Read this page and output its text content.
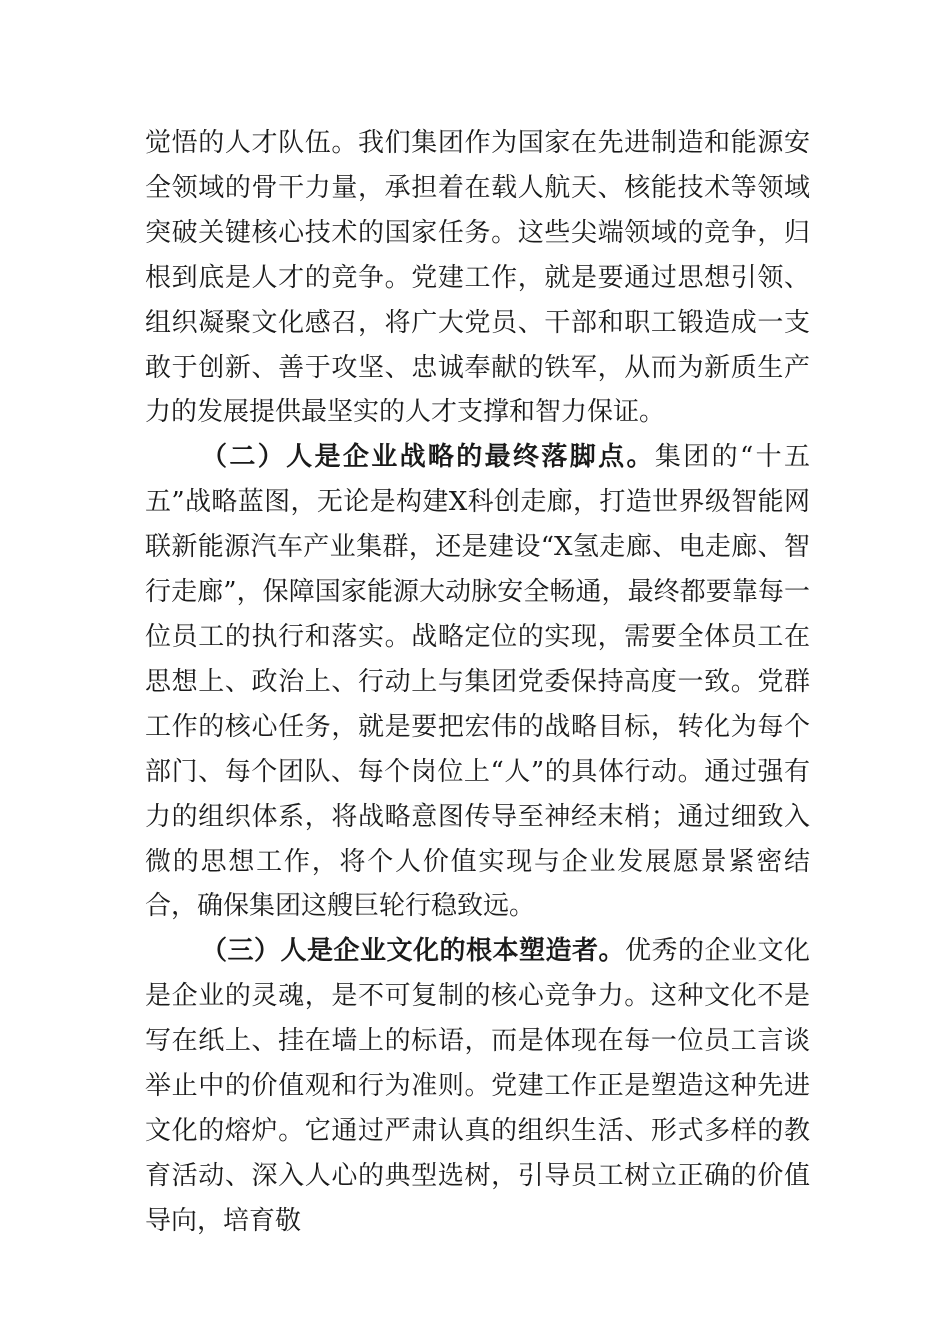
觉悟的人才队伍。我们集团作为国家在先进制造和能源安全领域的骨干力量，承担着在载人航天、核能技术等领域突破关键核心技术的国家任务。这些尖端领域的竞争，归根到底是人才的竞争。党建工作，就是要通过思想引领、组织凝聚文化感召，将广大党员、干部和职工锻造成一支敢于创新、善于攻坚、忠诚奉献的铁军，从而为新质生产力的发展提供最坚实的人才支撑和智力保证。

（二）人是企业战略的最终落脚点。集团的“十五五”战略蓝图，无论是构建X科创走廊，打造世界级智能网联新能源汽车产业集群，还是建设“X氢走廊、电走廊、智行走廊”，保障国家能源大动脉安全畅通，最终都要靠每一位员工的执行和落实。战略定位的实现，需要全体员工在思想上、政治上、行动上与集团党委保持高度一致。党群工作的核心任务，就是要把宏伟的战略目标，转化为每个部门、每个团队、每个岗位上“人”的具体行动。通过强有力的组织体系，将战略意图传导至神经末梢；通过细致入微的思想工作，将个人价值实现与企业发展愿景紧密结合，确保集团这艘巨轮行稳致远。

（三）人是企业文化的根本塑造者。优秀的企业文化是企业的灵魂，是不可复制的核心竞争力。这种文化不是写在纸上、挂在墙上的标语，而是体现在每一位员工言谈举止中的价值观和行为准则。党建工作正是塑造这种先进文化的熔炉。它通过严肃认真的组织生活、形式多样的教育活动、深入人心的典型选树，引导员工树立正确的价值导向，培育敬
